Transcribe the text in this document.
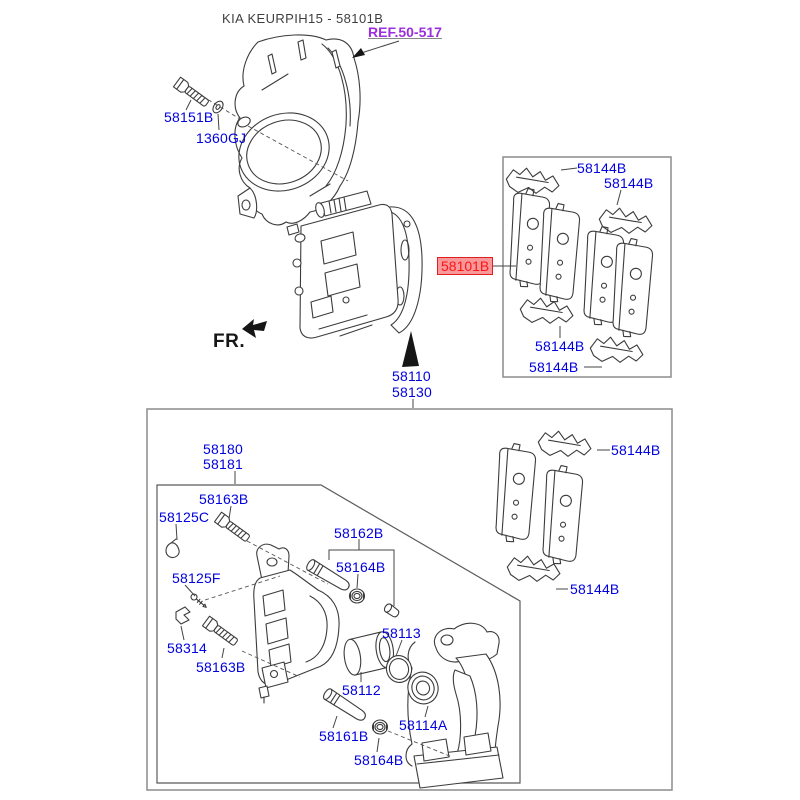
KIA KEURPIH15 - 58101B
REF.50-517
FR.
58101B
58151B
1360GJ
58144B
58144B
58144B
58144B
58110
58130
58180
58181
58163B
58125C
58162B
58164B
58125F
58314
58163B
58113
58112
58161B
58164B
58114A
58144B
58144B
